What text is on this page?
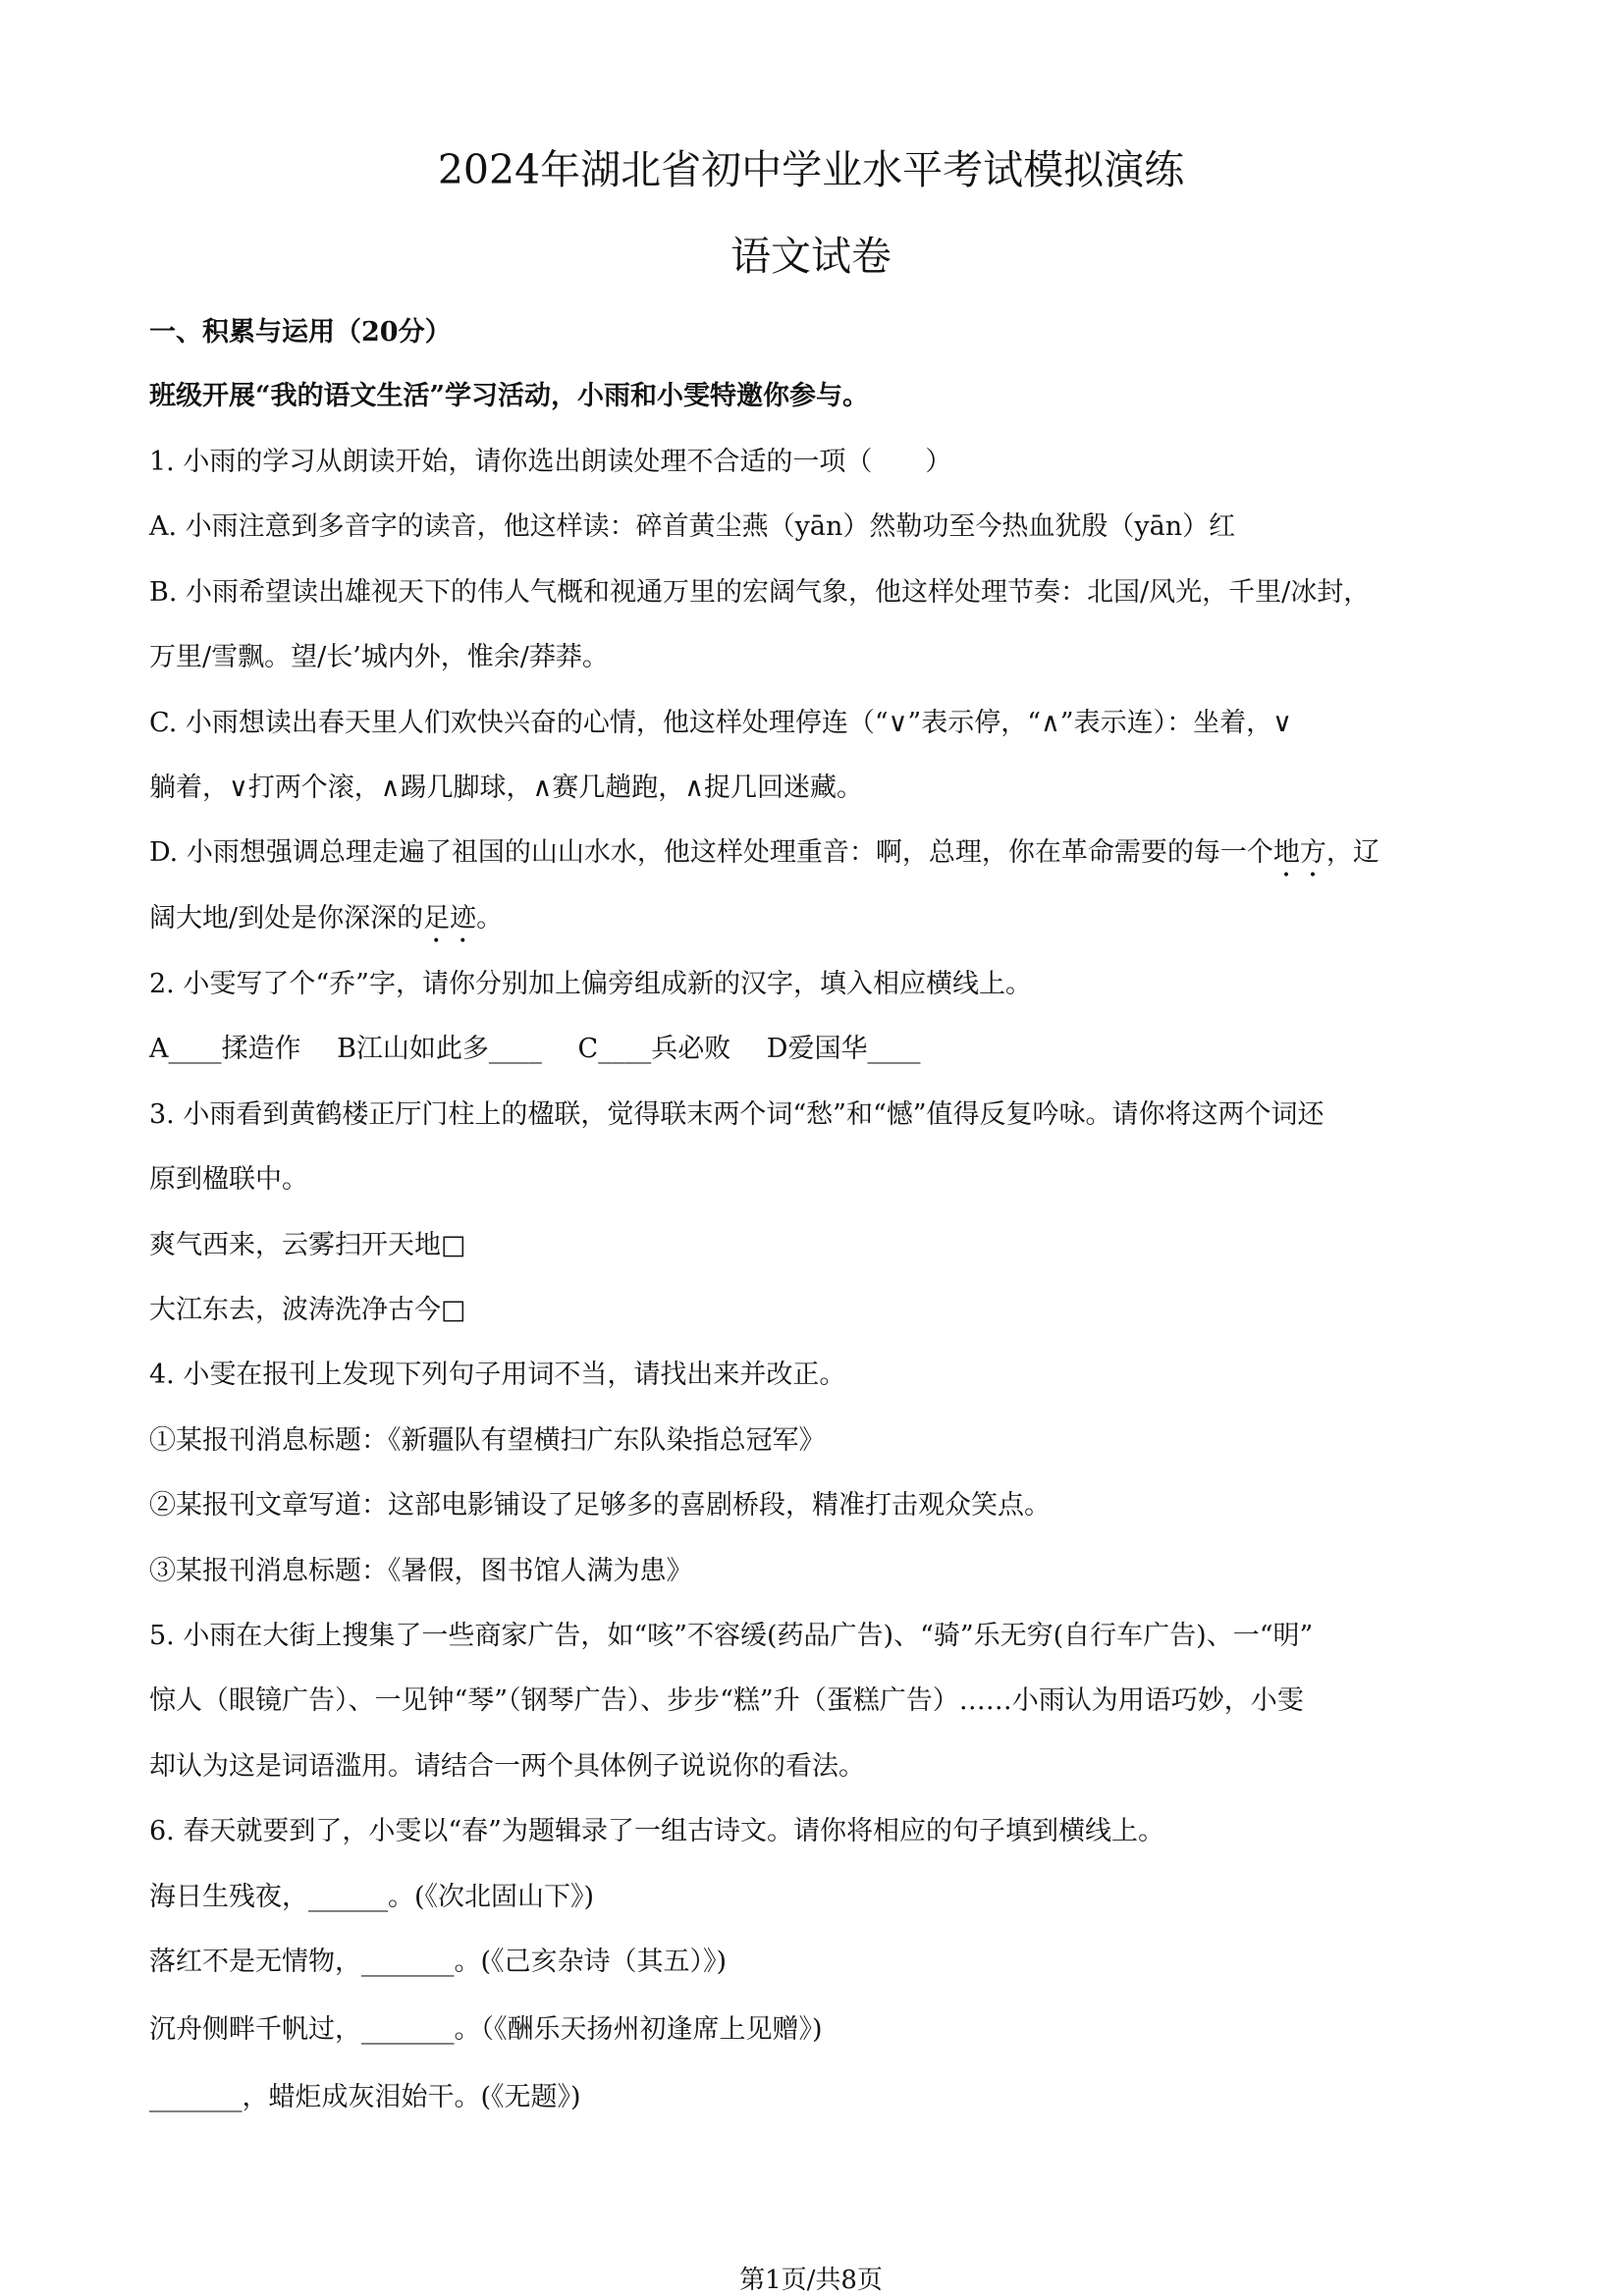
2024年湖北省初中学业水平考试模拟演练
语文试卷
一、积累与运用（20分）
班级开展“我的语文生活”学习活动，小雨和小雯特邀你参与。
1. 小雨的学习从朗读开始，请你选出朗读处理不合适的一项（　　）
A. 小雨注意到多音字的读音，他这样读：碎首黄尘燕（yān）然勒功至今热血犹殷（yān）红
B. 小雨希望读出雄视天下的伟人气概和视通万里的宏阔气象，他这样处理节奏：北国/风光，千里/冰封，
万里/雪飘。望/长’城内外，惟余/莽莽。
C. 小雨想读出春天里人们欢快兴奋的心情，他这样处理停连（“∨”表示停，“∧”表示连）：坐着，∨
躺着，∨打两个滚，∧踢几脚球，∧赛几趟跑，∧捉几回迷藏。
D. 小雨想强调总理走遍了祖国的山山水水，他这样处理重音：啊，总理，你在革命需要的每一个地方，辽
阔大地/到处是你深深的足迹。
2. 小雯写了个“乔”字，请你分别加上偏旁组成新的汉字，填入相应横线上。
A____揉造作 B江山如此多____ C____兵必败 D爱国华____
3. 小雨看到黄鹤楼正厅门柱上的楹联，觉得联末两个词“愁”和“憾”值得反复吟咏。请你将这两个词还
原到楹联中。
爽气西来，云雾扫开天地□
大江东去，波涛洗净古今□
4. 小雯在报刊上发现下列句子用词不当，请找出来并改正。
①某报刊消息标题：《新疆队有望横扫广东队染指总冠军》
②某报刊文章写道：这部电影铺设了足够多的喜剧桥段，精准打击观众笑点。
③某报刊消息标题：《暑假，图书馆人满为患》
5. 小雨在大街上搜集了一些商家广告，如“咳”不容缓(药品广告)、“骑”乐无穷(自行车广告)、一“明”
惊人（眼镜广告）、一见钟“琴”（钢琴广告）、步步“糕”升（蛋糕广告）……小雨认为用语巧妙，小雯
却认为这是词语滥用。请结合一两个具体例子说说你的看法。
6. 春天就要到了，小雯以“春”为题辑录了一组古诗文。请你将相应的句子填到横线上。
海日生残夜，______。(《次北固山下》)
落红不是无情物，_______。(《己亥杂诗（其五）》)
沉舟侧畔千帆过，_______。（《酬乐天扬州初逢席上见赠》)
_______，蜡炬成灰泪始干。(《无题》)
第1页/共8页
